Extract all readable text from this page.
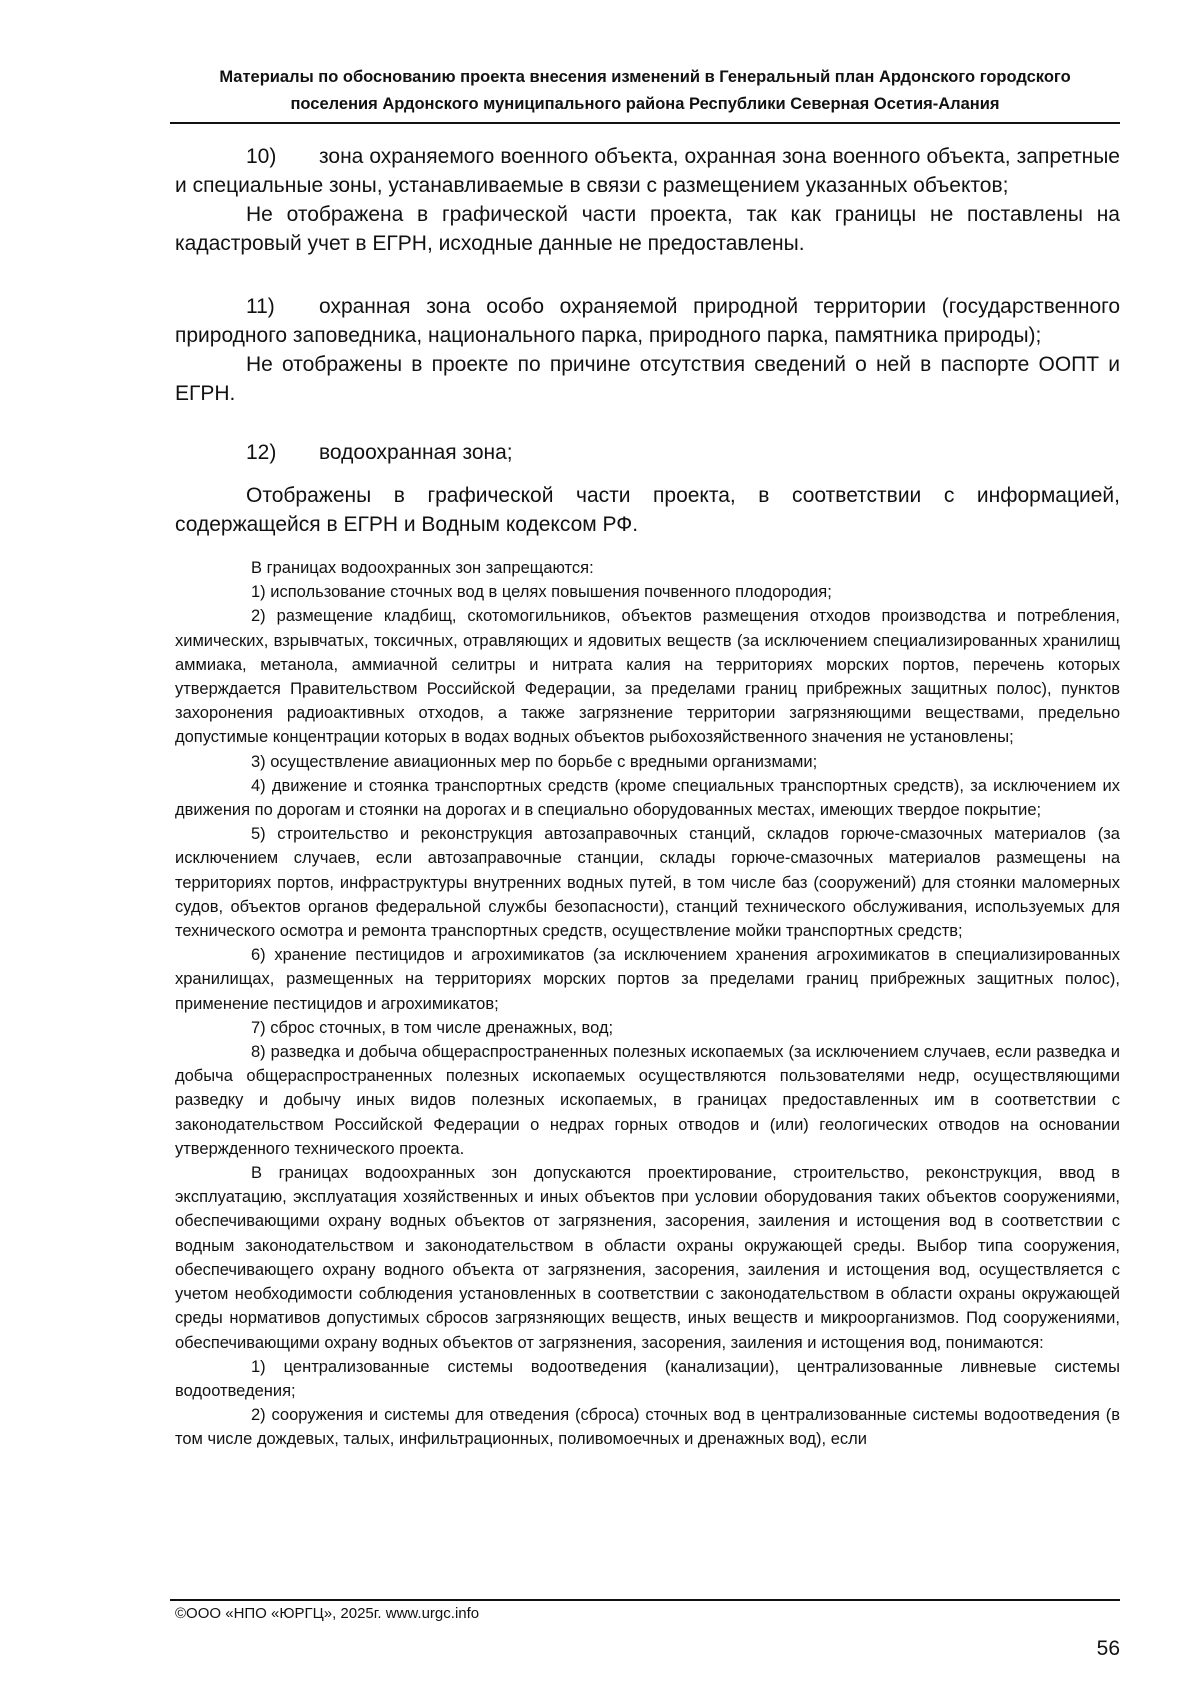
Материалы по обоснованию проекта внесения изменений в Генеральный план Ардонского городского
поселения Ардонского муниципального района Республики Северная Осетия-Алания

10) зона охраняемого военного объекта, охранная зона военного объекта, запретные и специальные зоны, устанавливаемые в связи с размещением указанных объектов;

Не отображена в графической части проекта, так как границы не поставлены на кадастровый учет в ЕГРН, исходные данные не предоставлены.

11) охранная зона особо охраняемой природной территории (государственного природного заповедника, национального парка, природного парка, памятника природы);

Не отображены в проекте по причине отсутствия сведений о ней в паспорте ООПТ и ЕГРН.

12) водоохранная зона;

Отображены в графической части проекта, в соответствии с информацией, содержащейся в ЕГРН и Водным кодексом РФ.

В границах водоохранных зон запрещаются:

1) использование сточных вод в целях повышения почвенного плодородия;

2) размещение кладбищ, скотомогильников, объектов размещения отходов производства и потребления, химических, взрывчатых, токсичных, отравляющих и ядовитых веществ (за исключением специализированных хранилищ аммиака, метанола, аммиачной селитры и нитрата калия на территориях морских портов, перечень которых утверждается Правительством Российской Федерации, за пределами границ прибрежных защитных полос), пунктов захоронения радиоактивных отходов, а также загрязнение территории загрязняющими веществами, предельно допустимые концентрации которых в водах водных объектов рыбохозяйственного значения не установлены;

3) осуществление авиационных мер по борьбе с вредными организмами;

4) движение и стоянка транспортных средств (кроме специальных транспортных средств), за исключением их движения по дорогам и стоянки на дорогах и в специально оборудованных местах, имеющих твердое покрытие;

5) строительство и реконструкция автозаправочных станций, складов горюче-смазочных материалов (за исключением случаев, если автозаправочные станции, склады горюче-смазочных материалов размещены на территориях портов, инфраструктуры внутренних водных путей, в том числе баз (сооружений) для стоянки маломерных судов, объектов органов федеральной службы безопасности), станций технического обслуживания, используемых для технического осмотра и ремонта транспортных средств, осуществление мойки транспортных средств;

6) хранение пестицидов и агрохимикатов (за исключением хранения агрохимикатов в специализированных хранилищах, размещенных на территориях морских портов за пределами границ прибрежных защитных полос), применение пестицидов и агрохимикатов;

7) сброс сточных, в том числе дренажных, вод;

8) разведка и добыча общераспространенных полезных ископаемых (за исключением случаев, если разведка и добыча общераспространенных полезных ископаемых осуществляются пользователями недр, осуществляющими разведку и добычу иных видов полезных ископаемых, в границах предоставленных им в соответствии с законодательством Российской Федерации о недрах горных отводов и (или) геологических отводов на основании утвержденного технического проекта.

В границах водоохранных зон допускаются проектирование, строительство, реконструкция, ввод в эксплуатацию, эксплуатация хозяйственных и иных объектов при условии оборудования таких объектов сооружениями, обеспечивающими охрану водных объектов от загрязнения, засорения, заиления и истощения вод в соответствии с водным законодательством и законодательством в области охраны окружающей среды. Выбор типа сооружения, обеспечивающего охрану водного объекта от загрязнения, засорения, заиления и истощения вод, осуществляется с учетом необходимости соблюдения установленных в соответствии с законодательством в области охраны окружающей среды нормативов допустимых сбросов загрязняющих веществ, иных веществ и микроорганизмов. Под сооружениями, обеспечивающими охрану водных объектов от загрязнения, засорения, заиления и истощения вод, понимаются:

1) централизованные системы водоотведения (канализации), централизованные ливневые системы водоотведения;

2) сооружения и системы для отведения (сброса) сточных вод в централизованные системы водоотведения (в том числе дождевых, талых, инфильтрационных, поливомоечных и дренажных вод), если

©ООО «НПО «ЮРГЦ», 2025г. www.urgc.info
56
